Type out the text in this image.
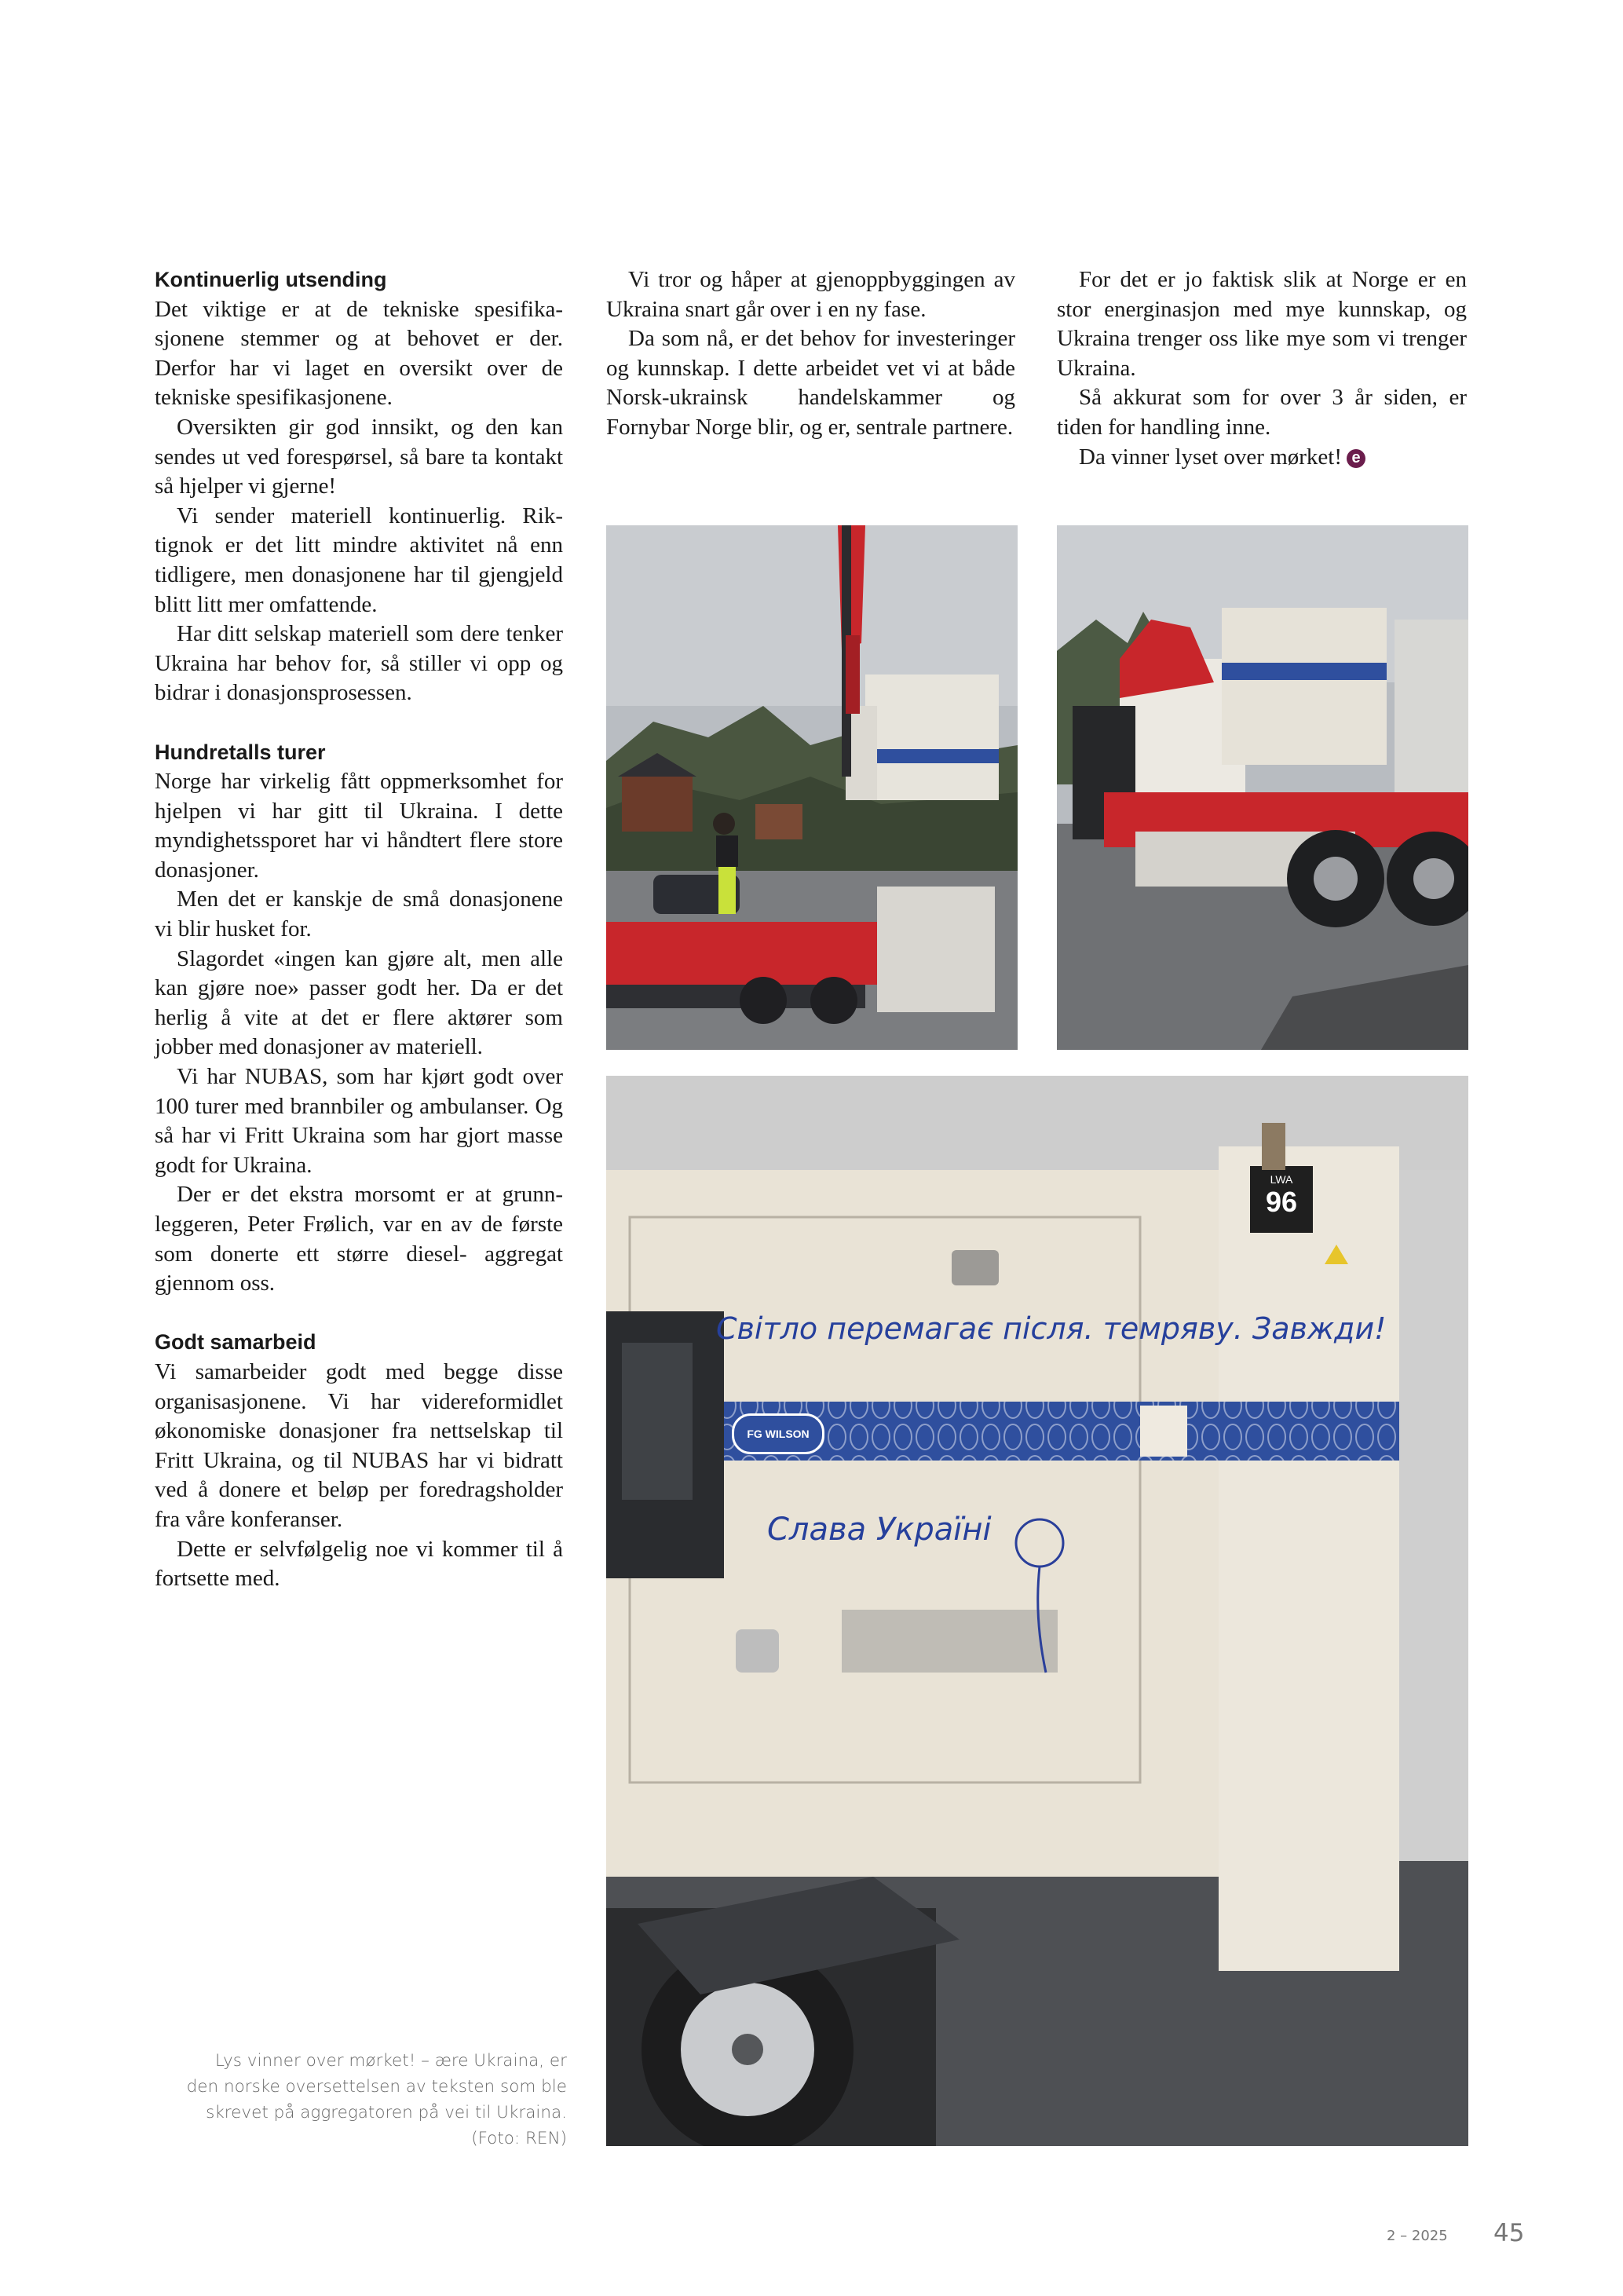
Kontinuerlig utsending

Det viktige er at de tekniske spesifikasjonene stemmer og at behovet er der. Derfor har vi laget en oversikt over de tekniske spesifikasjonene.

Oversikten gir god innsikt, og den kan sendes ut ved forespørsel, så bare ta kontakt så hjelper vi gjerne!

Vi sender materiell kontinuerlig. Riktignok er det litt mindre aktivitet nå enn tidligere, men donasjonene har til gjengjeld blitt litt mer omfattende.

Har ditt selskap materiell som dere tenker Ukraina har behov for, så stiller vi opp og bidrar i donasjonsprosessen.

Hundretalls turer

Norge har virkelig fått oppmerksomhet for hjelpen vi har gitt til Ukraina. I dette myndighetssporet har vi håndtert flere store donasjoner.

Men det er kanskje de små donasjonene vi blir husket for.

Slagordet «ingen kan gjøre alt, men alle kan gjøre noe» passer godt her. Da er det herlig å vite at det er flere aktører som jobber med donasjoner av materiell.

Vi har NUBAS, som har kjørt godt over 100 turer med brannbiler og ambulanser. Og så har vi Fritt Ukraina som har gjort masse godt for Ukraina.

Der er det ekstra morsomt er at grunnleggeren, Peter Frølich, var en av de første som donerte ett større diesel- aggregat gjennom oss.

Godt samarbeid

Vi samarbeider godt med begge disse organisasjonene. Vi har videreformidlet økonomiske donasjoner fra nettselskap til Fritt Ukraina, og til NUBAS har vi bidratt ved å donere et beløp per foredragsholder fra våre konferanser.

Dette er selvfølgelig noe vi kommer til å fortsette med.

Vi tror og håper at gjenoppbyggingen av Ukraina snart går over i en ny fase.

Da som nå, er det behov for investeringer og kunnskap. I dette arbeidet vet vi at både Norsk-ukrainsk handelskammer og Fornybar Norge blir, og er, sentrale partnere.

For det er jo faktisk slik at Norge er en stor energinasjon med mye kunnskap, og Ukraina trenger oss like mye som vi trenger Ukraina.

Så akkurat som for over 3 år siden, er tiden for handling inne.

Da vinner lyset over mørket! e

Світло перемагає після. темряву. Завжди!
Слава Україні
FG WILSON
LWA
96
Lys vinner over mørket! – ære Ukraina, er den norske oversettelsen av teksten som ble skrevet på aggregatoren på vei til Ukraina. (Foto: REN)
2 – 2025 45
